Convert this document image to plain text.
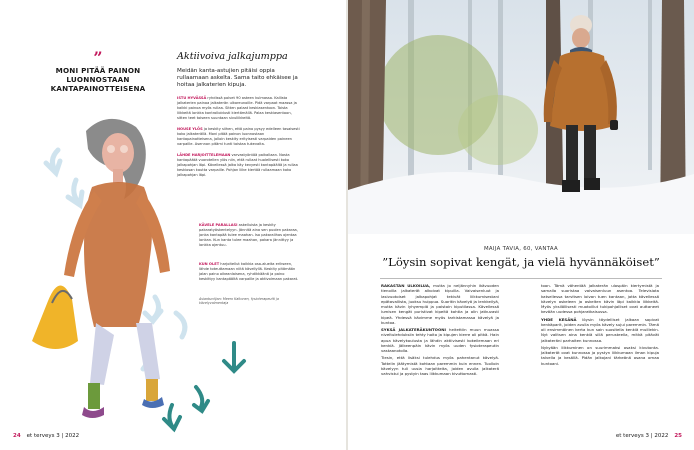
”
MONI PITÄÄ PAINON LUONNOSTAAN KANTAPAINOTTEISENA
Aktiivoiva jalkajumppa
Meidän kanta-astujien pitäisi oppia rullaamaan askelta. Sama taito ehkäisee ja hoitaa jalkaterien kipuja.
ISTU HYVÄSSÄ ryhdissä polvet 90 asteen kulmassa. Kallista jalkaterien painoa jalkaterän ulkoreunoille. Pidä varpaat maassa ja kaikki painoa myös rullaa. Sitten palaat keskiasentoon. Toista liikkeitä lonkka kontrolloidusti kiertämällä. Palaa keskiasentoon, sitten teet toiseen suuntaan sivuliikkeitä.
NOUSE YLÖS ja keskity siihen, että paino pysyy edelleen tasaisesti koko jalkaterällä. Moni pitää painon luonnostaan kantapainotteisena, jolloin keskity erityisesti varpaiden paineen varpaille. Asennon pitämi tunti toistaa tukevalta.
LÄHDE HARJOITTELEMAAN varvastyöntöä paikallaan. Nosta kantapäätä vuorotellen ylös niin, että rullaat huolellisesti koko jalkapohjan läpi. Kävellessä jalka käy kevyesti kantapäältä ja rullaa keskiosan kautta varpaille. Pohjan liike kiertää rullaamaan koko jalkapohjan läpi.
KÄVELE PARALLASI askelluista ja keskity pakaratyöskentelyyn. Jännitä aina sen puolen pakaraa, jonka kantapää tulee maahan. Iso pakaralihas ojentaa lonkan. Kun kanta tulee maahan, pakara jännittyy ja lonkka ojentuu.
KUN OLET harjoitellut kaikkia osa-alueita erikseen, lähde toteuttamaan niitä kävellyllä. Keskity pitämään jalan paino oikeanlaisena, ryhdikkäänä ja paino keskittyy kantapäältä varpaille ja aktivoimaan pakarat.
Asiantuntijan: Meero Kaltonen, fysioterapeutti ja kävelyvalmentaja
24 et terveys 3 | 2022
MAIJA TAVIA, 60, VANTAA
”Löysin sopivat kengät, ja vielä hyvännäköiset”

RAKASTAN ULKOILUA, mutta jo neljännyhin ikävuoden tienoilla jalkaterät alkoivat kipuilla. Vaivaisenluut ja lasivuotoiset jalkapohjat tekivät liikkumisestani epätavallista, juoksu huippua. Suoritin kävelyä ja lenkkeilyä, mutta kävin lyhyempiä ja paistoin kiputilassa. Kävellessä lumisen kengät puristivat kipeitä kohtia ja olin jatkuvasti kipeä. Yhdessä kävimme myös tarkistamassa kävelyä ja kuntoa.

SYKSÄ JALKATERÄKUNTOONI heitettiin muun muassa niveltulehduksiin tehty hoito ja kipujen kierre oli pitkä. Hain apua kävelykoulusta ja lähdin aktiivisesti kokeilemaan eri kenkiä. Jälkeenpäin kävin myös uuden fysioterapeutin vastaanotolla.

Tiesin, että lisäksi tulehdus myös pahentanut kävelyä. Tottelin jäätymistä kohtaan paremmin kuin ennen. Tuolloin kävelyyn tuli uusia harjoitteita, joiden avulla jalkaterä vahvistui ja pystyin taas liikkumaan kivuttomasti.

toon. Tämä vähentää jalkaterän ulospäin kiertymistä ja samalla suoristaa vaivaisenluun asentoa. Televisiota katsellessa tarvitsen loivan tuen kantaan, jotta kävellessä kävelyn askeleen ja askelten kävin läpi kaikkia liikkeitä. Myös yksilöllisesti muotoillut tukipohjalliset ovat auttaneet kevään uudessa pohjaratkaisussa.

YHDE KESÄNÄ löysin täydelliset jalkaan sopivat kenkäparit, joiden avulla myös kävely sujui paremmin. Tämä oli ensimmäinen kerta kun sain suositella kenkiä muillekin. Nyt valitsen aina kenkiä sillä perusteella, mitkä pitävät jalkateräni parhaiten kunnossa.

Nykyään liikkuminen on suurimmaksi osaksi kivutonta. Jalkaterät ovat kunnossa ja pystyn liikkumaan ilman kipuja talvella ja kesällä. Pidän jalkojani tärkeänä osana omaa kuntoani.

et terveys 3 | 2022 25
